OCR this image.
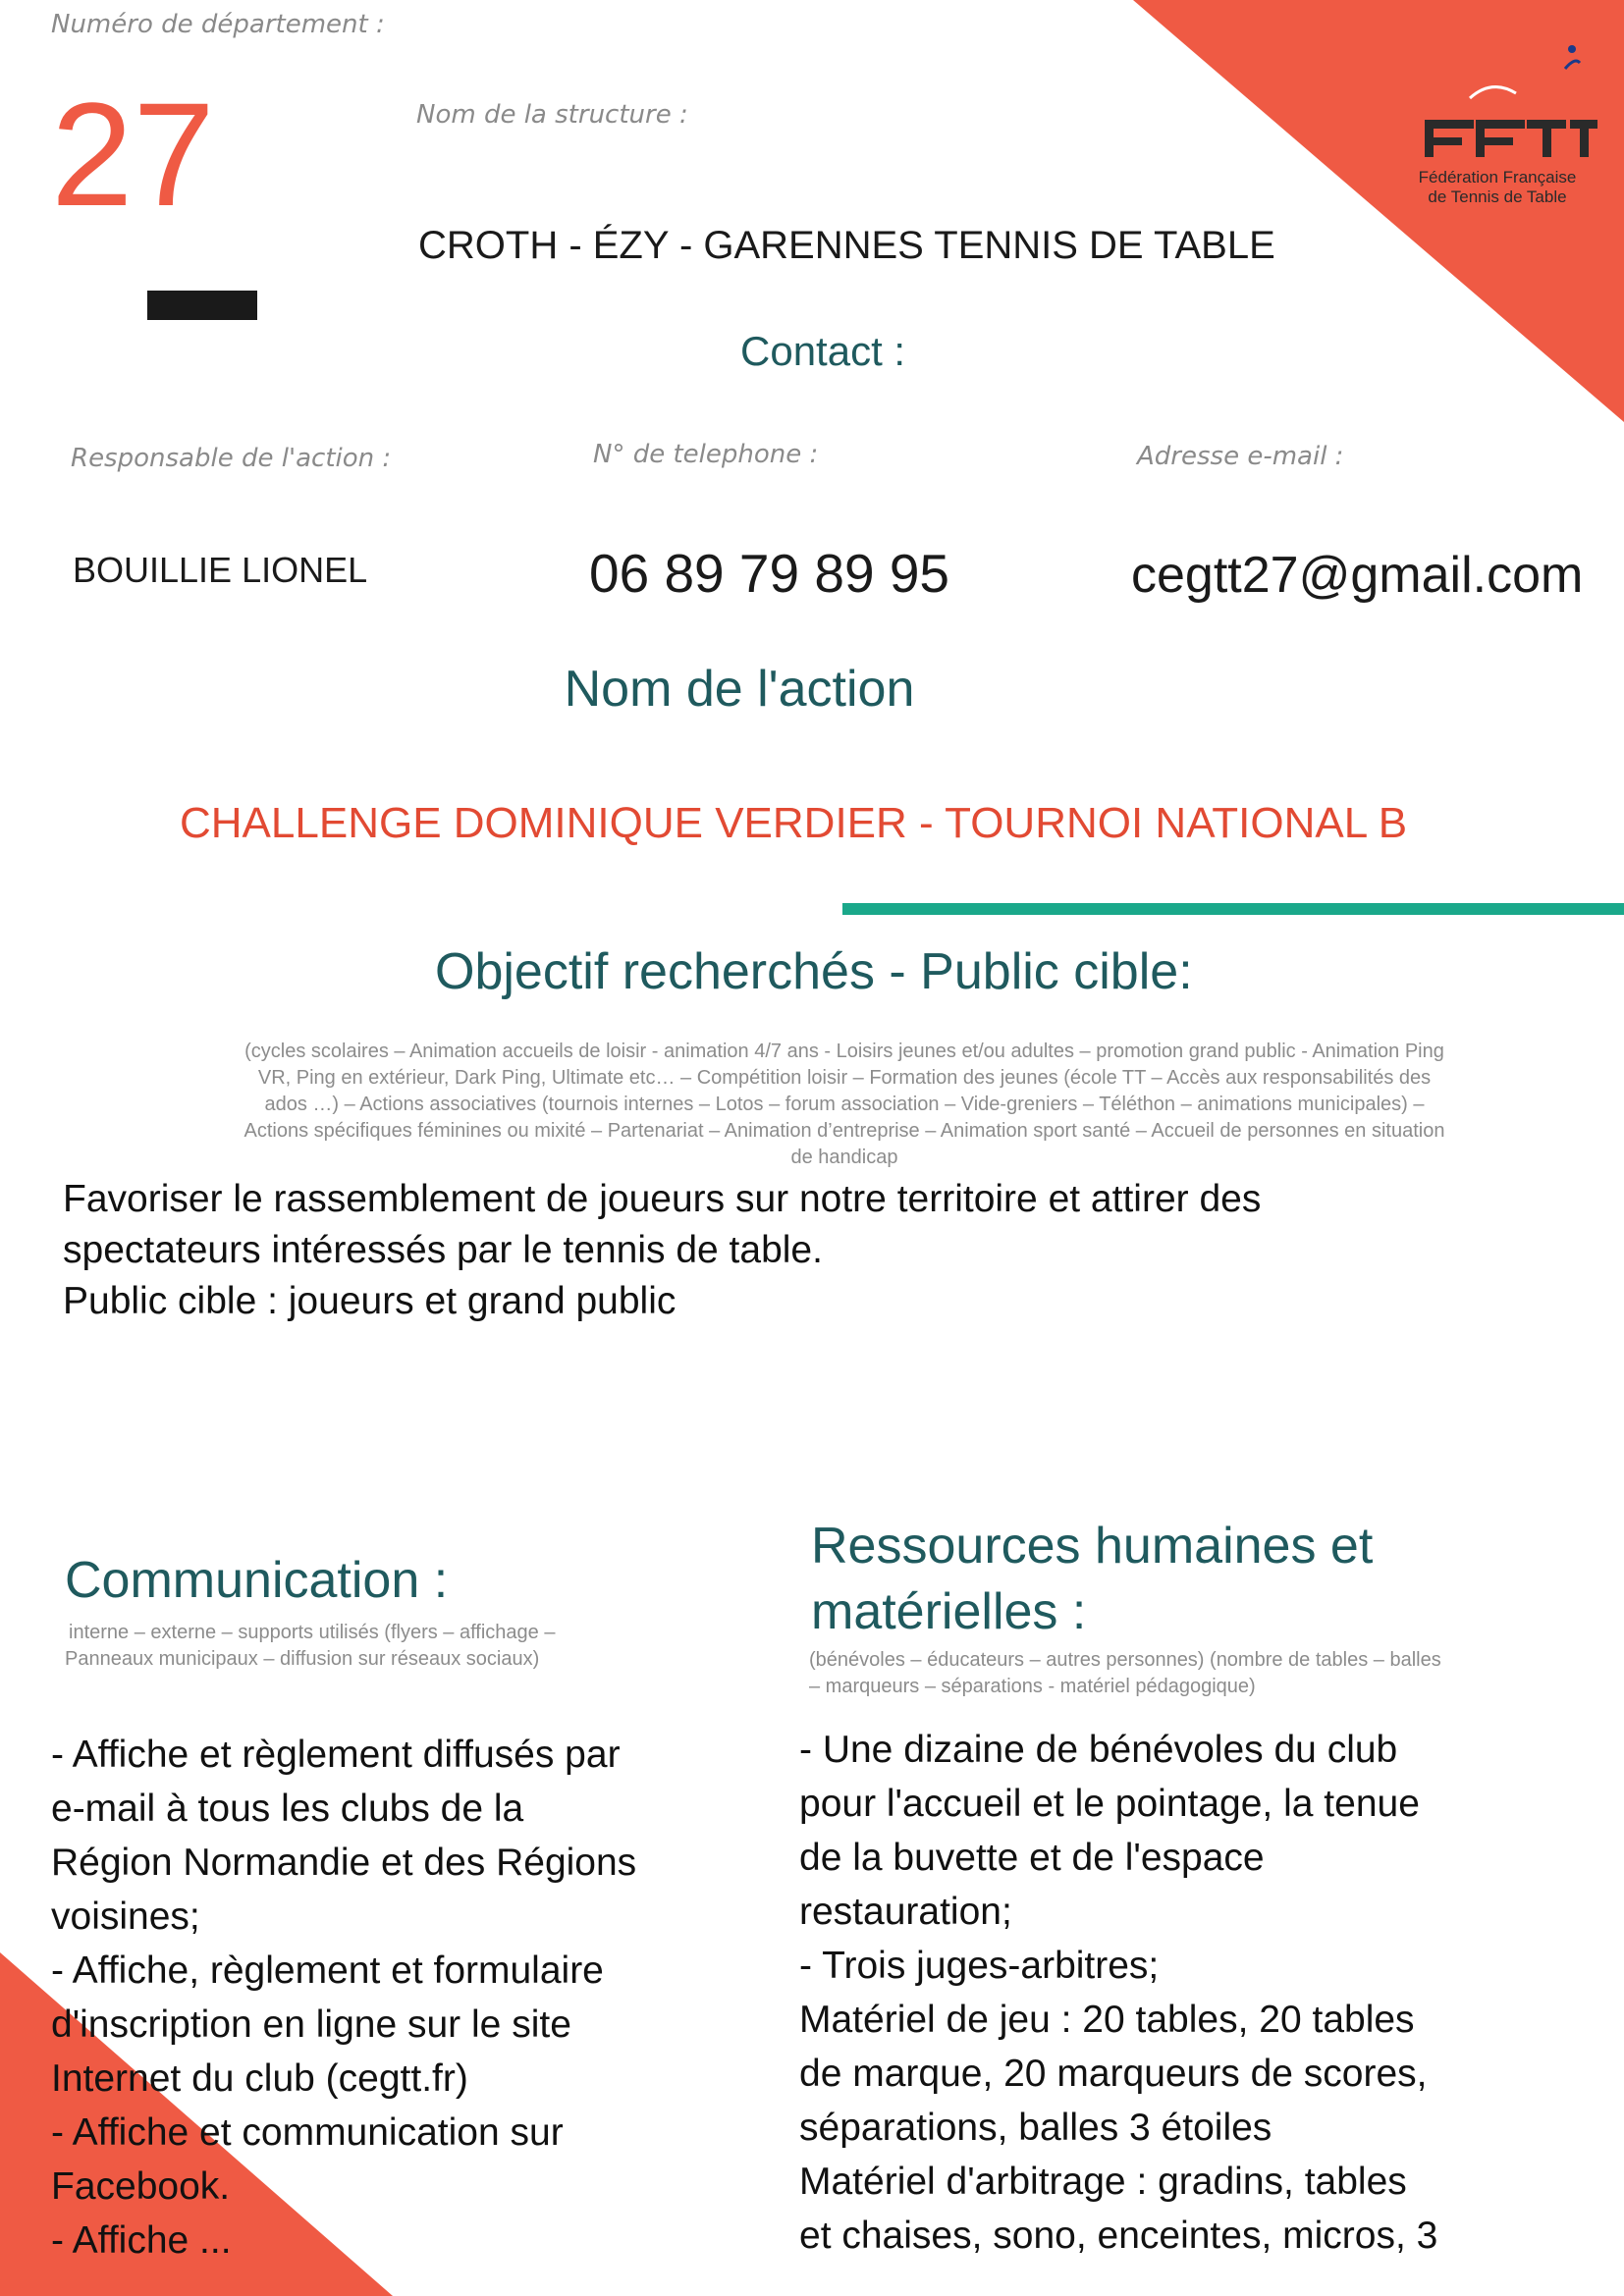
Fédération Française
de Tennis de Table
Numéro de département :
27	Nom de la structure :
CROTH - ÉZY - GARENNES TENNIS DE TABLE
Contact :
Responsable de l'action :	N° de telephone :	Adresse e-mail :
BOUILLIE LIONEL	06 89 79 89 95	cegtt27@gmail.com
Nom de l'action
CHALLENGE DOMINIQUE VERDIER - TOURNOI NATIONAL B
Objectif recherchés - Public cible:
(cycles scolaires – Animation accueils de loisir - animation 4/7 ans - Loisirs jeunes et/ou adultes – promotion grand public - Animation Ping
VR, Ping en extérieur, Dark Ping, Ultimate etc… – Compétition loisir – Formation des jeunes (école TT – Accès aux responsabilités des
ados …) – Actions associatives (tournois internes – Lotos – forum association – Vide-greniers – Téléthon – animations municipales) –
Actions spécifiques féminines ou mixité – Partenariat – Animation d’entreprise – Animation sport santé – Accueil de personnes en situation
de handicap
Favoriser le rassemblement de joueurs sur notre territoire et attirer des
spectateurs intéressés par le tennis de table.
Public cible : joueurs et grand public
Communication :
interne – externe – supports utilisés (flyers – affichage –
Panneaux municipaux – diffusion sur réseaux sociaux)
- Affiche et règlement diffusés par
e-mail à tous les clubs de la
Région Normandie et des Régions
voisines;
- Affiche, règlement et formulaire
d'inscription en ligne sur le site
Internet du club (cegtt.fr)
- Affiche et communication sur
Facebook.
- Affiche ...
Ressources humaines et
matérielles :
(bénévoles – éducateurs – autres personnes) (nombre de tables – balles
– marqueurs – séparations - matériel pédagogique)
- Une dizaine de bénévoles du club
pour l'accueil et le pointage, la tenue
de la buvette et de l'espace
restauration;
- Trois juges-arbitres;
Matériel de jeu : 20 tables, 20 tables
de marque, 20 marqueurs de scores,
séparations, balles 3 étoiles
Matériel d'arbitrage : gradins, tables
et chaises, sono, enceintes, micros, 3
